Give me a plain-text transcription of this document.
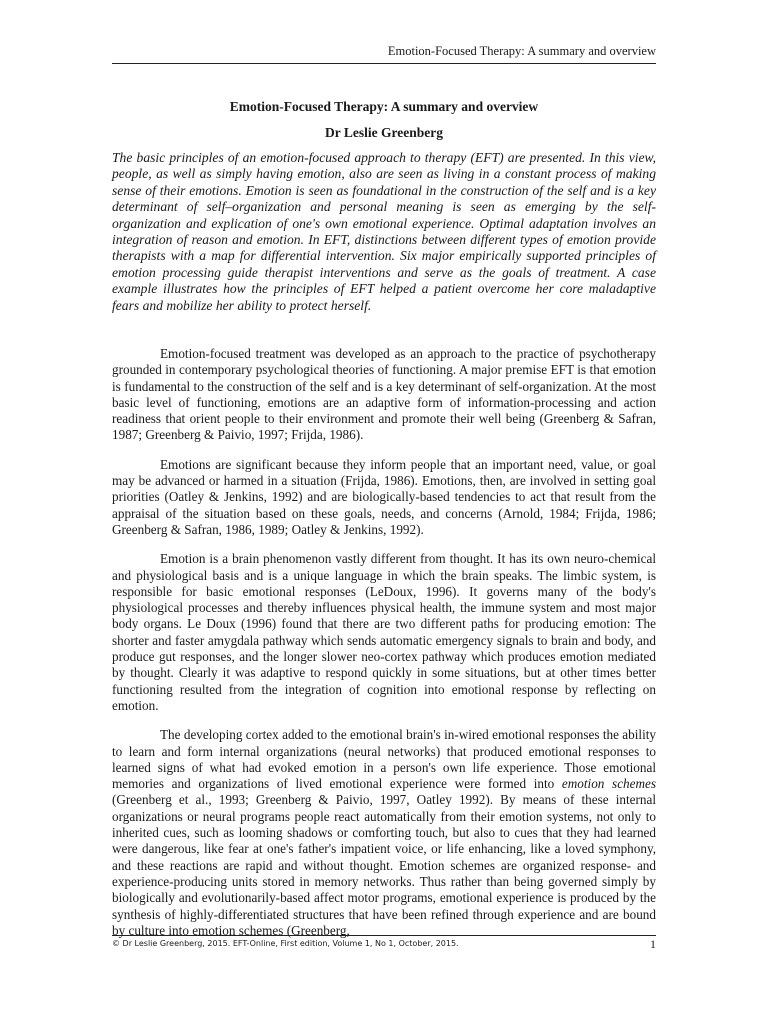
Emotion-Focused Therapy: A summary and overview

Emotion-Focused Therapy: A summary and overview

Dr Leslie Greenberg

The basic principles of an emotion-focused approach to therapy (EFT) are presented. In this view, people, as well as simply having emotion, also are seen as living in a constant process of making sense of their emotions. Emotion is seen as foundational in the construction of the self and is a key determinant of self–organization and personal meaning is seen as emerging by the self-organization and explication of one's own emotional experience. Optimal adaptation involves an integration of reason and emotion. In EFT, distinctions between different types of emotion provide therapists with a map for differential intervention. Six major empirically supported principles of emotion processing guide therapist interventions and serve as the goals of treatment. A case example illustrates how the principles of EFT helped a patient overcome her core maladaptive fears and mobilize her ability to protect herself.

Emotion-focused treatment was developed as an approach to the practice of psychotherapy grounded in contemporary psychological theories of functioning. A major premise EFT is that emotion is fundamental to the construction of the self and is a key determinant of self-organization. At the most basic level of functioning, emotions are an adaptive form of information-processing and action readiness that orient people to their environment and promote their well being (Greenberg & Safran, 1987; Greenberg & Paivio, 1997; Frijda, 1986).

Emotions are significant because they inform people that an important need, value, or goal may be advanced or harmed in a situation (Frijda, 1986). Emotions, then, are involved in setting goal priorities (Oatley & Jenkins, 1992) and are biologically-based tendencies to act that result from the appraisal of the situation based on these goals, needs, and concerns (Arnold, 1984; Frijda, 1986; Greenberg & Safran, 1986, 1989; Oatley & Jenkins, 1992).

Emotion is a brain phenomenon vastly different from thought. It has its own neuro-chemical and physiological basis and is a unique language in which the brain speaks. The limbic system, is responsible for basic emotional responses (LeDoux, 1996). It governs many of the body's physiological processes and thereby influences physical health, the immune system and most major body organs. Le Doux (1996) found that there are two different paths for producing emotion: The shorter and faster amygdala pathway which sends automatic emergency signals to brain and body, and produce gut responses, and the longer slower neo-cortex pathway which produces emotion mediated by thought. Clearly it was adaptive to respond quickly in some situations, but at other times better functioning resulted from the integration of cognition into emotional response by reflecting on emotion.

The developing cortex added to the emotional brain's in-wired emotional responses the ability to learn and form internal organizations (neural networks) that produced emotional responses to learned signs of what had evoked emotion in a person's own life experience. Those emotional memories and organizations of lived emotional experience were formed into emotion schemes (Greenberg et al., 1993; Greenberg & Paivio, 1997, Oatley 1992). By means of these internal organizations or neural programs people react automatically from their emotion systems, not only to inherited cues, such as looming shadows or comforting touch, but also to cues that they had learned were dangerous, like fear at one's father's impatient voice, or life enhancing, like a loved symphony, and these reactions are rapid and without thought. Emotion schemes are organized response- and experience-producing units stored in memory networks. Thus rather than being governed simply by biologically and evolutionarily-based affect motor programs, emotional experience is produced by the synthesis of highly-differentiated structures that have been refined through experience and are bound by culture into emotion schemes (Greenberg,

© Dr Leslie Greenberg, 2015. EFT-Online, First edition, Volume 1, No 1, October, 2015.	1
